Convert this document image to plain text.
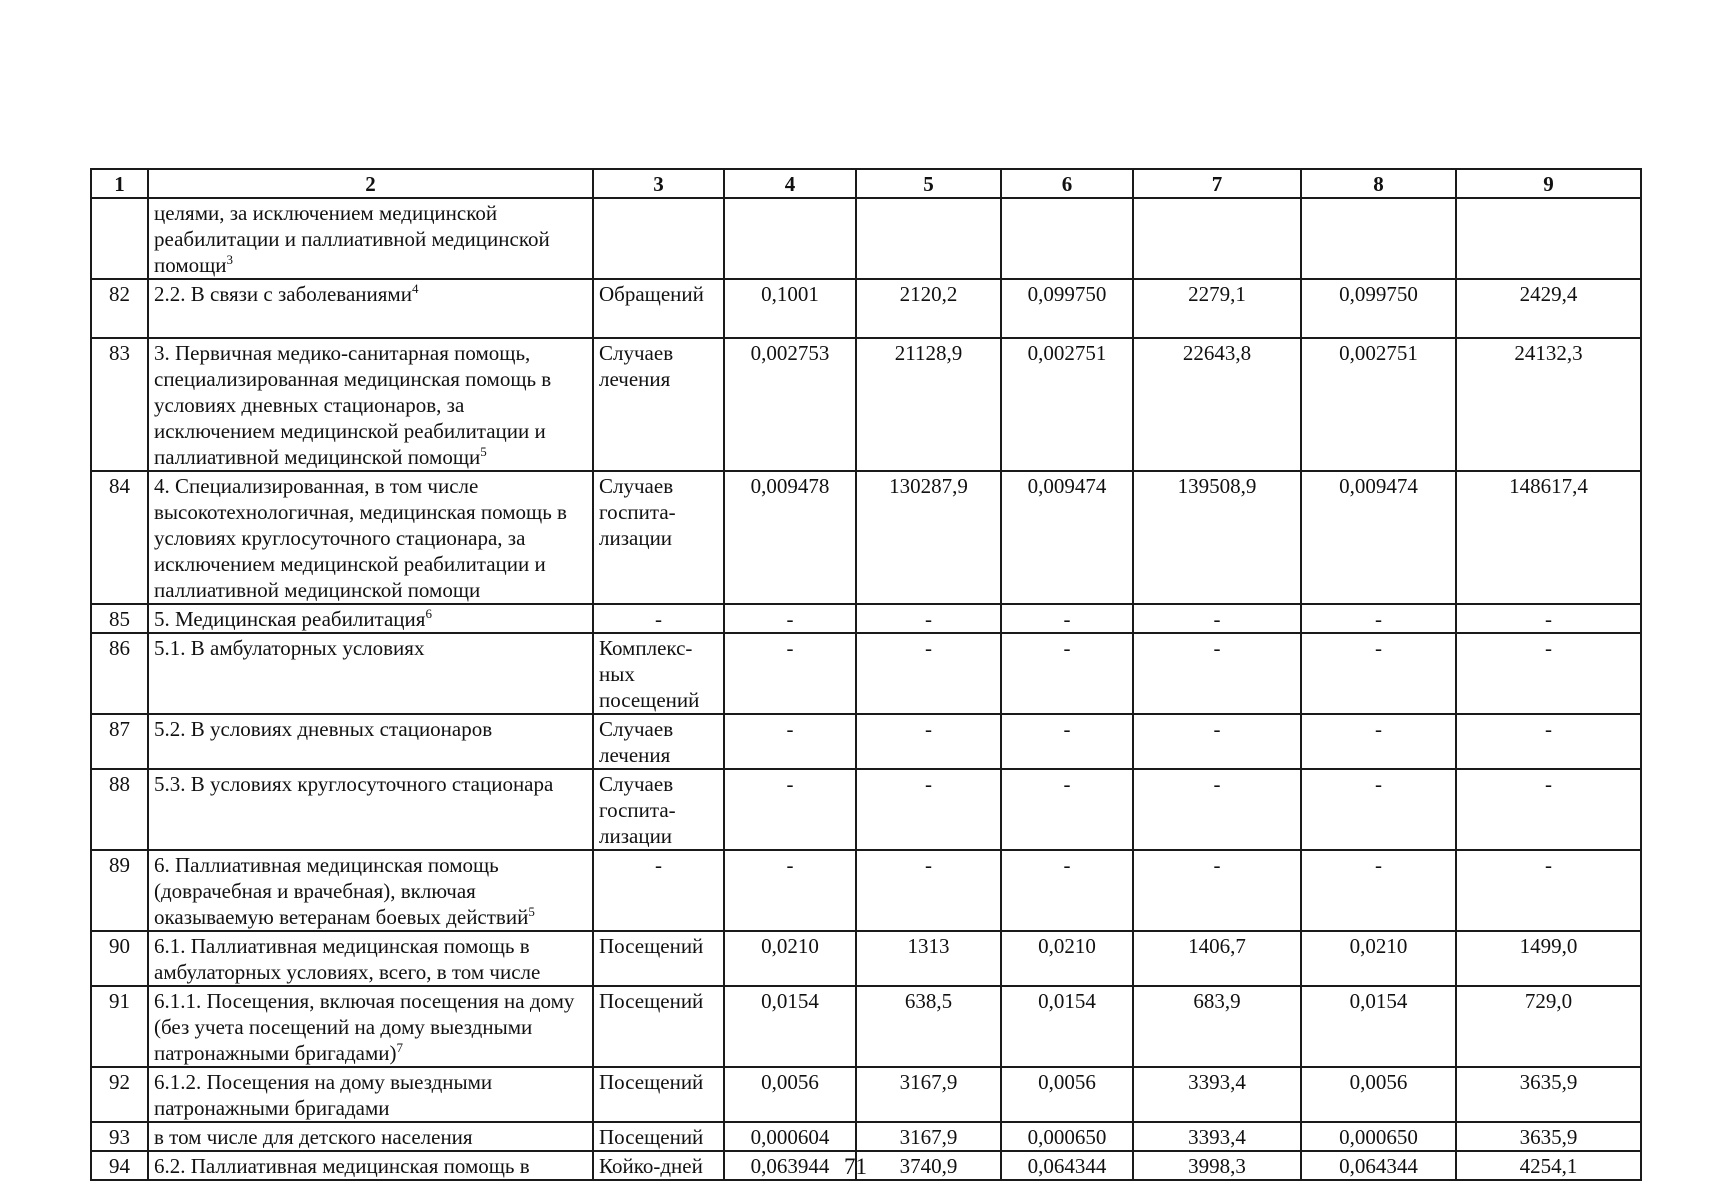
1	2	3	4	5	6	7	8	9
	целями, за исключением медицинской реабилитации и паллиативной медицинской помощи$^3$							
82	2.2. В связи с заболеваниями$^4$	Обращений	0,1001	2120,2	0,099750	2279,1	0,099750	2429,4
83	3. Первичная медико-санитарная помощь, специализированная медицинская помощь в условиях дневных стационаров, за исключением медицинской реабилитации и паллиативной медицинской помощи$^5$	Случаев лечения	0,002753	21128,9	0,002751	22643,8	0,002751	24132,3
84	4. Специализированная, в том числе высокотехнологичная, медицинская помощь в условиях круглосуточного стационара, за исключением медицинской реабилитации и паллиативной медицинской помощи	Случаев госпита-лизации	0,009478	130287,9	0,009474	139508,9	0,009474	148617,4
85	5. Медицинская реабилитация$^6$	-	-	-	-	-	-	-
86	5.1. В амбулаторных условиях	Комплекс-ных посещений	-	-	-	-	-	-
87	5.2. В условиях дневных стационаров	Случаев лечения	-	-	-	-	-	-
88	5.3. В условиях круглосуточного стационара	Случаев госпита-лизации	-	-	-	-	-	-
89	6. Паллиативная медицинская помощь (доврачебная и врачебная), включая оказываемую ветеранам боевых действий$^5$	-	-	-	-	-	-	-
90	6.1. Паллиативная медицинская помощь в амбулаторных условиях, всего, в том числе	Посещений	0,0210	1313	0,0210	1406,7	0,0210	1499,0
91	6.1.1. Посещения, включая посещения на дому (без учета посещений на дому выездными патронажными бригадами)$^7$	Посещений	0,0154	638,5	0,0154	683,9	0,0154	729,0
92	6.1.2. Посещения на дому выездными патронажными бригадами	Посещений	0,0056	3167,9	0,0056	3393,4	0,0056	3635,9
93	в том числе для детского населения	Посещений	0,000604	3167,9	0,000650	3393,4	0,000650	3635,9
94	6.2. Паллиативная медицинская помощь в	Койко-дней	0,063944	3740,9	0,064344	3998,3	0,064344	4254,1
71
